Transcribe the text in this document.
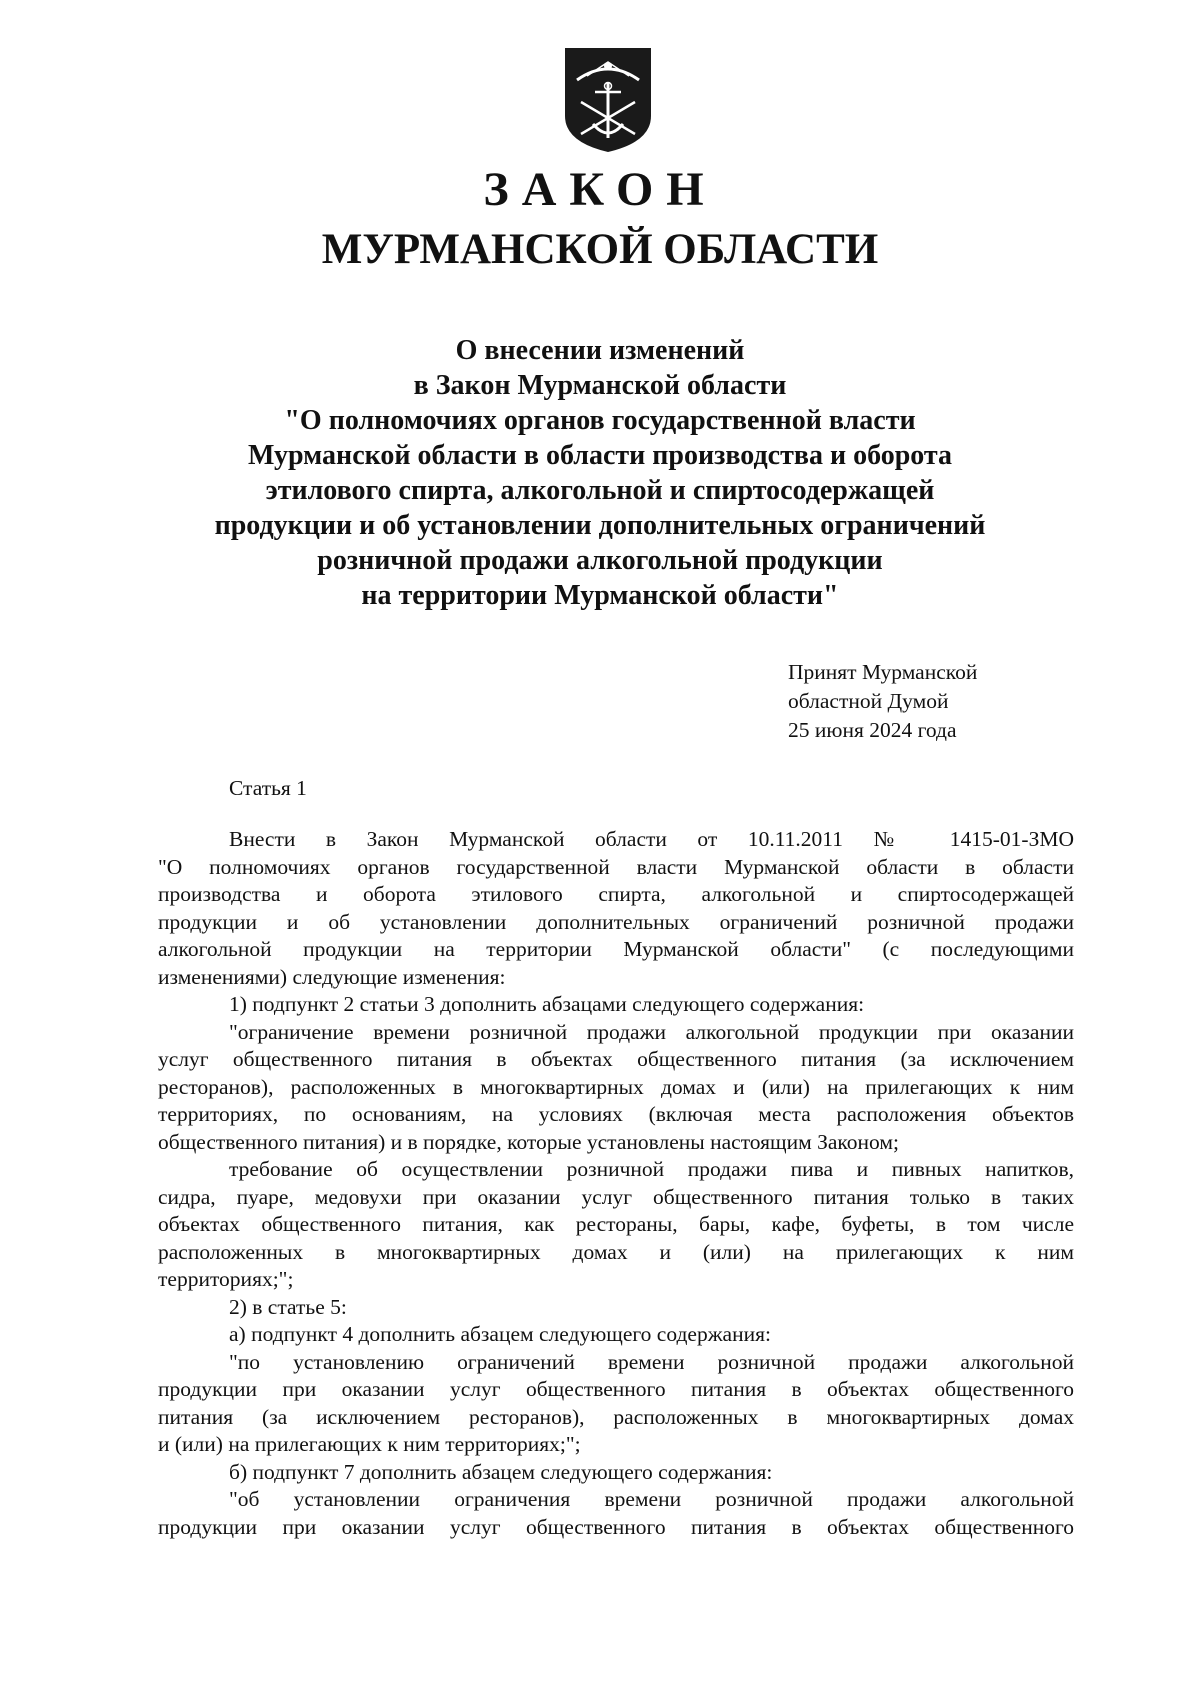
ЗАКОН
МУРМАНСКОЙ ОБЛАСТИ
О внесении изменений
в Закон Мурманской области
"О полномочиях органов государственной власти
Мурманской области в области производства и оборота
этилового спирта, алкогольной и спиртосодержащей
продукции и об установлении дополнительных ограничений
розничной продажи алкогольной продукции
на территории Мурманской области"
Принят Мурманской
областной Думой
25 июня 2024 года
Статья 1
Внести в Закон Мурманской области от 10.11.2011 № 1415-01-ЗМО
"О полномочиях органов государственной власти Мурманской области в области
производства и оборота этилового спирта, алкогольной и спиртосодержащей
продукции и об установлении дополнительных ограничений розничной продажи
алкогольной продукции на территории Мурманской области" (с последующими
изменениями) следующие изменения:
1) подпункт 2 статьи 3 дополнить абзацами следующего содержания:
"ограничение времени розничной продажи алкогольной продукции при оказании
услуг общественного питания в объектах общественного питания (за исключением
ресторанов), расположенных в многоквартирных домах и (или) на прилегающих к ним
территориях, по основаниям, на условиях (включая места расположения объектов
общественного питания) и в порядке, которые установлены настоящим Законом;
требование об осуществлении розничной продажи пива и пивных напитков,
сидра, пуаре, медовухи при оказании услуг общественного питания только в таких
объектах общественного питания, как рестораны, бары, кафе, буфеты, в том числе
расположенных в многоквартирных домах и (или) на прилегающих к ним
территориях;";
2) в статье 5:
а) подпункт 4 дополнить абзацем следующего содержания:
"по установлению ограничений времени розничной продажи алкогольной
продукции при оказании услуг общественного питания в объектах общественного
питания (за исключением ресторанов), расположенных в многоквартирных домах
и (или) на прилегающих к ним территориях;";
б) подпункт 7 дополнить абзацем следующего содержания:
"об установлении ограничения времени розничной продажи алкогольной
продукции при оказании услуг общественного питания в объектах общественного
